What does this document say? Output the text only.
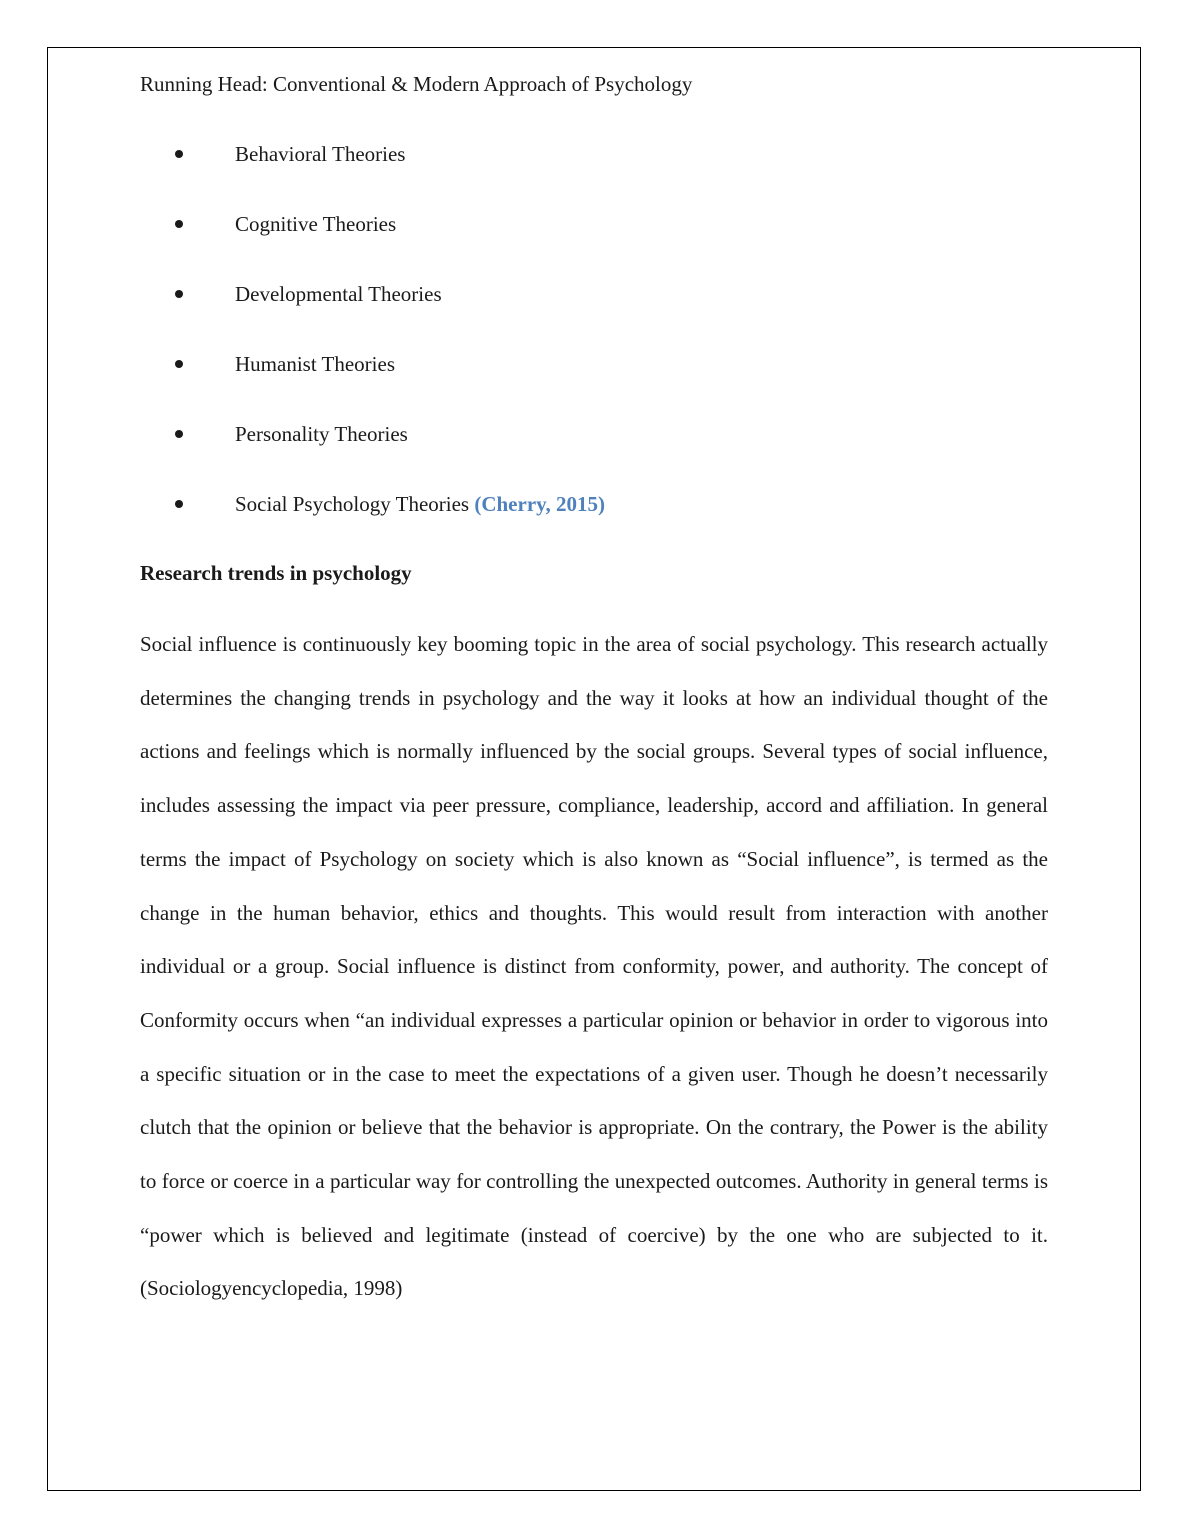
Running Head: Conventional & Modern Approach of Psychology
Behavioral Theories
Cognitive Theories
Developmental Theories
Humanist Theories
Personality Theories
Social Psychology Theories (Cherry, 2015)
Research trends in psychology

Social influence is continuously key booming topic in the area of social psychology. This research actually determines the changing trends in psychology and the way it looks at how an individual thought of the actions and feelings which is normally influenced by the social groups. Several types of social influence, includes assessing the impact via peer pressure, compliance, leadership, accord and affiliation. In general terms the impact of Psychology on society which is also known as “Social influence”, is termed as the change in the human behavior, ethics and thoughts. This would result from interaction with another individual or a group. Social influence is distinct from conformity, power, and authority. The concept of Conformity occurs when “an individual expresses a particular opinion or behavior in order to vigorous into a specific situation or in the case to meet the expectations of a given user. Though he doesn’t necessarily clutch that the opinion or believe that the behavior is appropriate. On the contrary, the Power is the ability to force or coerce in a particular way for controlling the unexpected outcomes. Authority in general terms is “power which is believed and legitimate (instead of coercive) by the one who are subjected to it. (Sociologyencyclopedia, 1998)
